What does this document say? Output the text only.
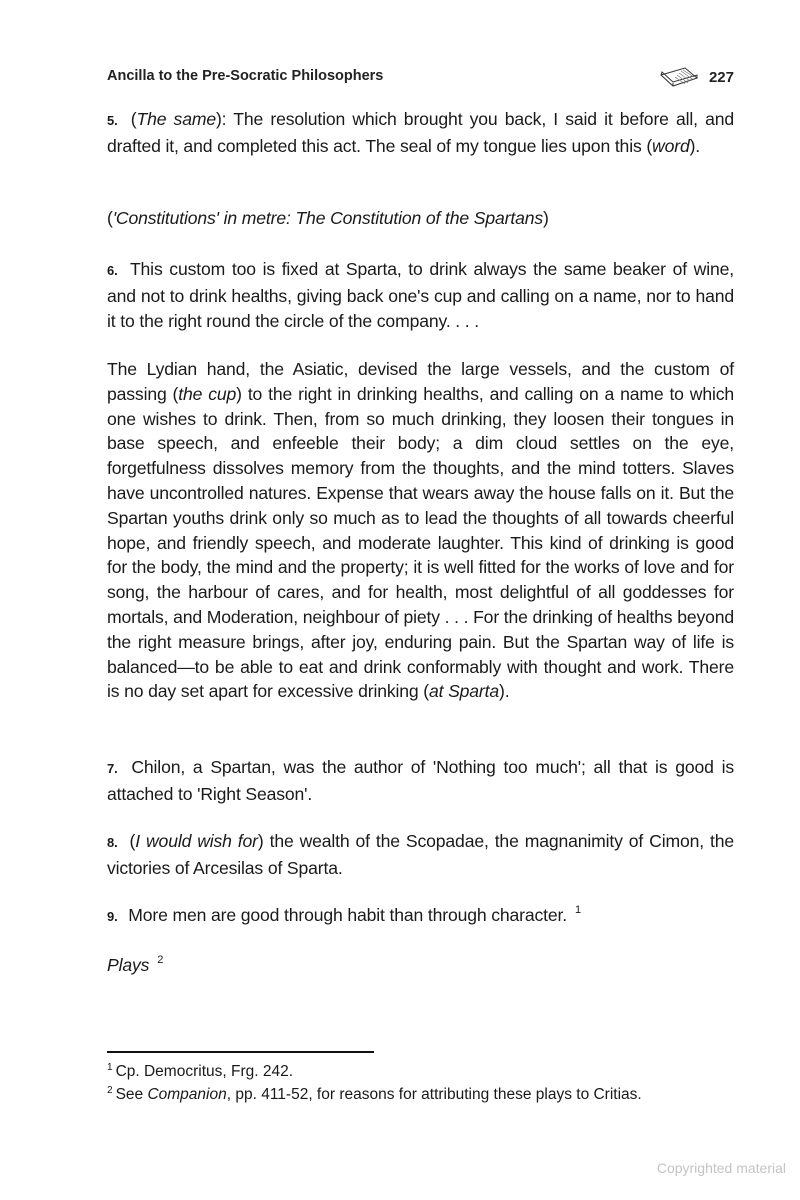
Ancilla to the Pre-Socratic Philosophers	227

5. (The same): The resolution which brought you back, I said it before all, and drafted it, and completed this act. The seal of my tongue lies upon this (word).

('Constitutions' in metre: The Constitution of the Spartans)

6. This custom too is fixed at Sparta, to drink always the same beaker of wine, and not to drink healths, giving back one's cup and calling on a name, nor to hand it to the right round the circle of the company. . . .

The Lydian hand, the Asiatic, devised the large vessels, and the custom of passing (the cup) to the right in drinking healths, and calling on a name to which one wishes to drink. Then, from so much drinking, they loosen their tongues in base speech, and enfeeble their body; a dim cloud settles on the eye, forgetfulness dissolves memory from the thoughts, and the mind totters. Slaves have uncontrolled natures. Expense that wears away the house falls on it. But the Spartan youths drink only so much as to lead the thoughts of all towards cheerful hope, and friendly speech, and moderate laughter. This kind of drinking is good for the body, the mind and the property; it is well fitted for the works of love and for song, the harbour of cares, and for health, most delightful of all goddesses for mortals, and Moderation, neighbour of piety . . . For the drinking of healths beyond the right measure brings, after joy, enduring pain. But the Spartan way of life is balanced—to be able to eat and drink conformably with thought and work. There is no day set apart for excessive drinking (at Sparta).

7. Chilon, a Spartan, was the author of 'Nothing too much'; all that is good is attached to 'Right Season'.

8. (I would wish for) the wealth of the Scopadae, the magnanimity of Cimon, the victories of Arcesilas of Sparta.

9. More men are good through habit than through character. $^1$

Plays $^2$

$^1$ Cp. Democritus, Frg. 242.
$^2$ See Companion, pp. 411-52, for reasons for attributing these plays to Critias.
Copyrighted material
